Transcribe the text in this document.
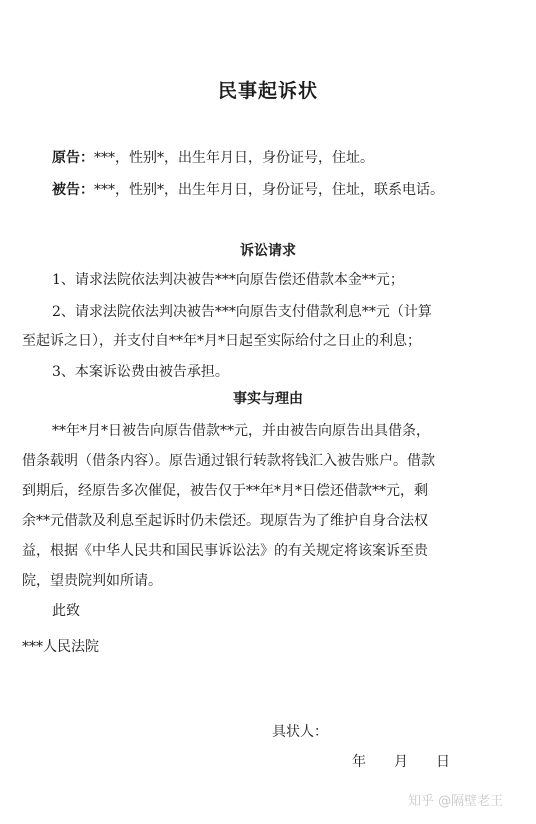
民事起诉状
原告：***，性别*，出生年月日，身份证号，住址。
被告：***，性别*，出生年月日，身份证号，住址，联系电话。
诉讼请求
1、请求法院依法判决被告***向原告偿还借款本金**元；
2、请求法院依法判决被告***向原告支付借款利息**元（计算
至起诉之日），并支付自**年*月*日起至实际给付之日止的利息；
3、本案诉讼费由被告承担。
事实与理由
**年*月*日被告向原告借款**元，并由被告向原告出具借条，
借条载明（借条内容）。原告通过银行转款将钱汇入被告账户。借款
到期后，经原告多次催促，被告仅于**年*月*日偿还借款**元，剩
余**元借款及利息至起诉时仍未偿还。现原告为了维护自身合法权
益，根据《中华人民共和国民事诉讼法》的有关规定将该案诉至贵
院，望贵院判如所请。
此致
***人民法院
具状人：
年　　月　　日
知乎 @隔壁老王
